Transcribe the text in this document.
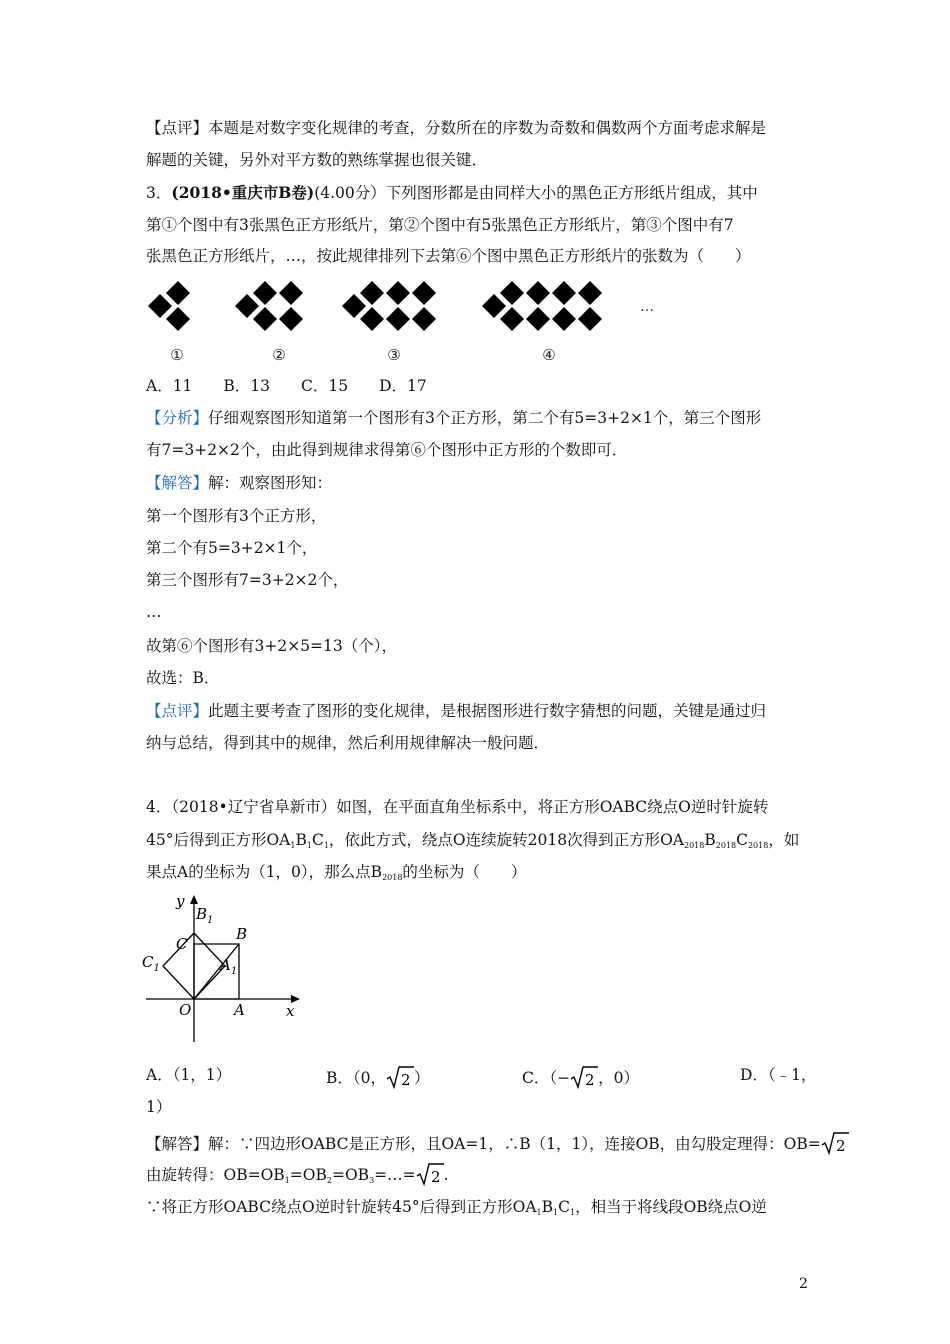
【点评】本题是对数字变化规律的考查，分数所在的序数为奇数和偶数两个方面考虑求解是
解题的关键，另外对平方数的熟练掌握也很关键．
3．(2018•重庆市B卷)(4.00分）下列图形都是由同样大小的黑色正方形纸片组成，其中
第①个图中有3张黑色正方形纸片，第②个图中有5张黑色正方形纸片，第③个图中有7
张黑色正方形纸片，…，按此规律排列下去第⑥个图中黑色正方形纸片的张数为（　　）
…
①	②	③	④
A．11　　B．13　　C．15　　D．17
【分析】仔细观察图形知道第一个图形有3个正方形，第二个有5=3+2×1个，第三个图形
有7=3+2×2个，由此得到规律求得第⑥个图形中正方形的个数即可．
【解答】解：观察图形知：
第一个图形有3个正方形，
第二个有5=3+2×1个，
第三个图形有7=3+2×2个，
…
故第⑥个图形有3+2×5=13（个），
故选：B．
【点评】此题主要考查了图形的变化规律，是根据图形进行数字猜想的问题，关键是通过归
纳与总结，得到其中的规律，然后利用规律解决一般问题．
4．（2018•辽宁省阜新市）如图，在平面直角坐标系中，将正方形OABC绕点O逆时针旋转
45°后得到正方形$OA_1B_1C_1$，依此方式，绕点O连续旋转2018次得到正方形$OA_{2018}B_{2018}C_{2018}$，如
果点A的坐标为（1，0），那么点$B_{2018}$的坐标为（　　）
y
x
O	A
B
C
$B_1$
$A_1$
$C_1$
A．（1，1）	B．（0， 2 ）	C．（− 2 ，0）	D．（﹣1，
1）
【解答】解：∵四边形OABC是正方形，且OA=1，∴B（1，1），连接OB，由勾股定理得：OB= 2
由旋转得：$OB=OB_1=OB_2=OB_3=\dots= 2$ .
∵将正方形OABC绕点O逆时针旋转45°后得到正方形$OA_1B_1C_1$，相当于将线段OB绕点O逆
2
